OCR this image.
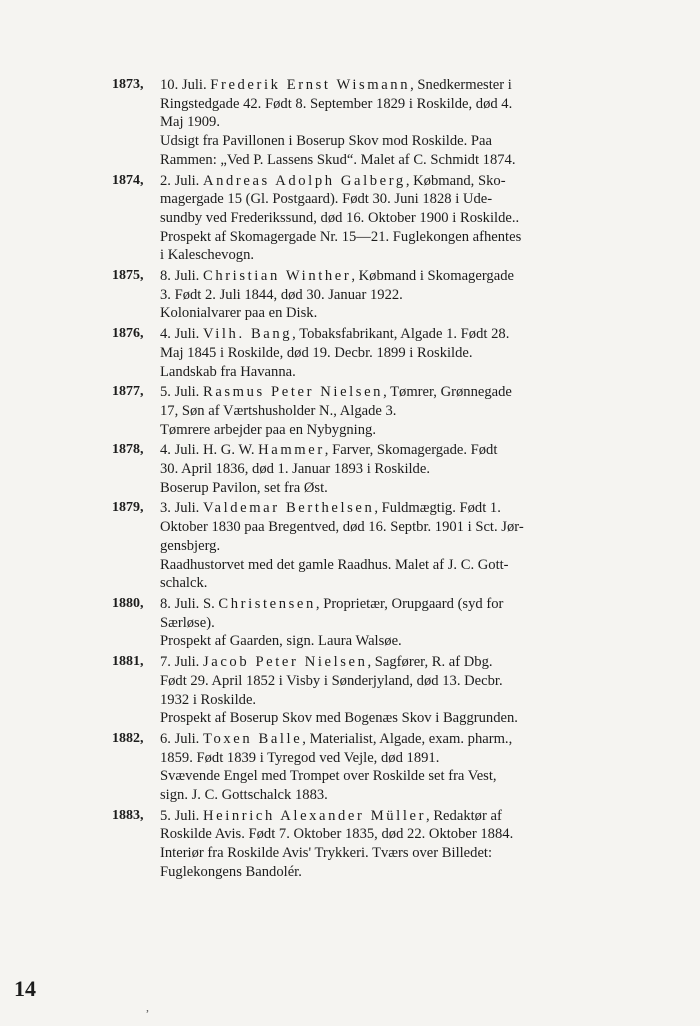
1873, 10. Juli. Frederik Ernst Wismann, Snedkermester i
Ringstedgade 42. Født 8. September 1829 i Roskilde, død 4.
Maj 1909.
Udsigt fra Pavillonen i Boserup Skov mod Roskilde. Paa
Rammen: „Ved P. Lassens Skud“. Malet af C. Schmidt 1874.
1874, 2. Juli. Andreas Adolph Galberg, Købmand, Sko-
magergade 15 (Gl. Postgaard). Født 30. Juni 1828 i Ude-
sundby ved Frederikssund, død 16. Oktober 1900 i Roskilde..
Prospekt af Skomagergade Nr. 15—21. Fuglekongen afhentes
i Kaleschevogn.
1875, 8. Juli. Christian Winther, Købmand i Skomagergade
3. Født 2. Juli 1844, død 30. Januar 1922.
Kolonialvarer paa en Disk.
1876, 4. Juli. Vilh. Bang, Tobaksfabrikant, Algade 1. Født 28.
Maj 1845 i Roskilde, død 19. Decbr. 1899 i Roskilde.
Landskab fra Havanna.
1877, 5. Juli. Rasmus Peter Nielsen, Tømrer, Grønnegade
17, Søn af Værtshusholder N., Algade 3.
Tømrere arbejder paa en Nybygning.
1878, 4. Juli. H. G. W. Hammer, Farver, Skomagergade. Født
30. April 1836, død 1. Januar 1893 i Roskilde.
Boserup Pavilon, set fra Øst.
1879, 3. Juli. Valdemar Berthelsen, Fuldmægtig. Født 1.
Oktober 1830 paa Bregentved, død 16. Septbr. 1901 i Sct. Jør-
gensbjerg.
Raadhustorvet med det gamle Raadhus. Malet af J. C. Gott-
schalck.
1880, 8. Juli. S. Christensen, Proprietær, Orupgaard (syd for
Særløse).
Prospekt af Gaarden, sign. Laura Walsøe.
1881, 7. Juli. Jacob Peter Nielsen, Sagfører, R. af Dbg.
Født 29. April 1852 i Visby i Sønderjyland, død 13. Decbr.
1932 i Roskilde.
Prospekt af Boserup Skov med Bogenæs Skov i Baggrunden.
1882, 6. Juli. Toxen Balle, Materialist, Algade, exam. pharm.,
1859. Født 1839 i Tyregod ved Vejle, død 1891.
Svævende Engel med Trompet over Roskilde set fra Vest,
sign. J. C. Gottschalck 1883.
1883, 5. Juli. Heinrich Alexander Müller, Redaktør af
Roskilde Avis. Født 7. Oktober 1835, død 22. Oktober 1884.
Interiør fra Roskilde Avis' Trykkeri. Tværs over Billedet:
Fuglekongens Bandolér.
14
,
